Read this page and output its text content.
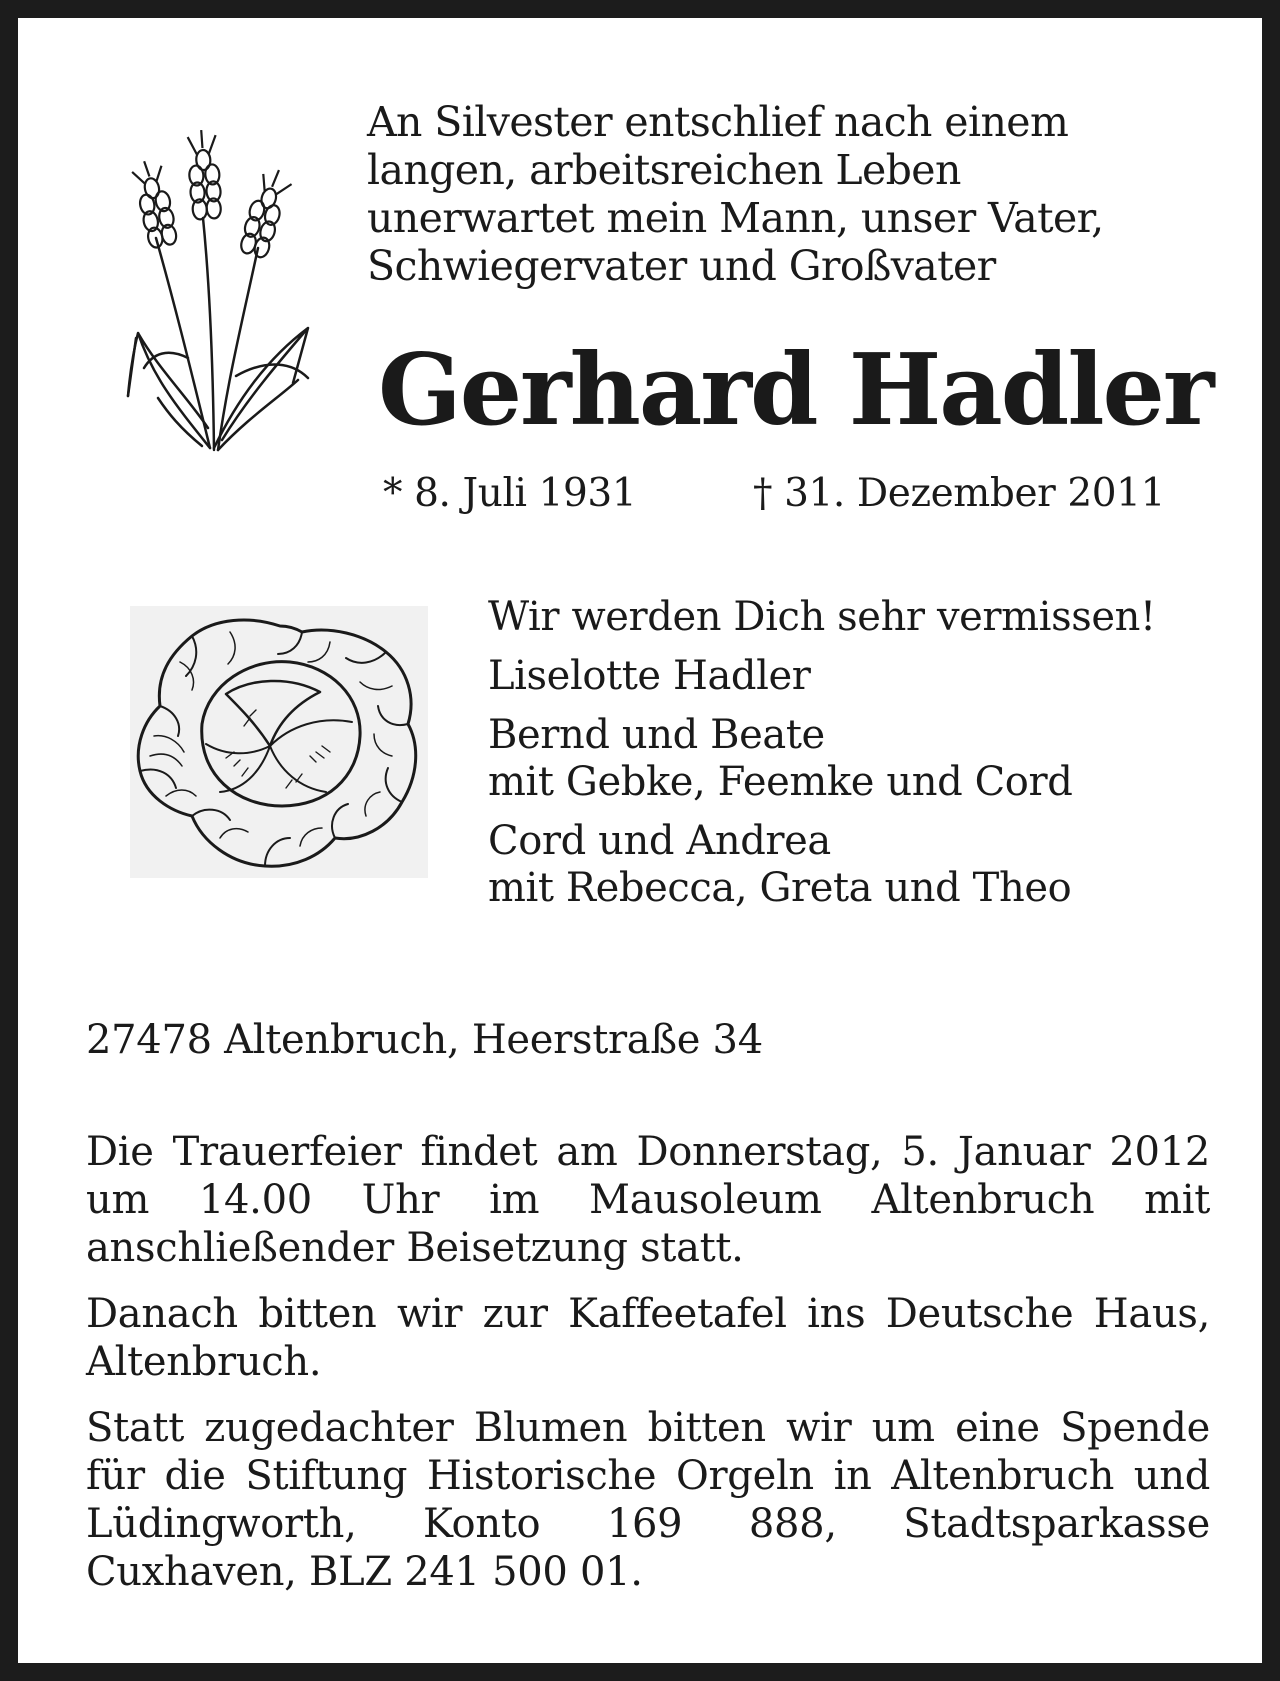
An Silvester entschlief nach einem
langen, arbeitsreichen Leben
unerwartet mein Mann, unser Vater,
Schwiegervater und Großvater
Gerhard Hadler
* 8. Juli 1931	† 31. Dezember 2011
Wir werden Dich sehr vermissen!
Liselotte Hadler
Bernd und Beate
mit Gebke, Feemke und Cord
Cord und Andrea
mit Rebecca, Greta und Theo
27478 Altenbruch, Heerstraße 34

Die Trauerfeier findet am Donnerstag, 5. Januar 2012 um 14.00 Uhr im Mausoleum Altenbruch mit anschließender Beisetzung statt.

Danach bitten wir zur Kaffeetafel ins Deutsche Haus, Altenbruch.

Statt zugedachter Blumen bitten wir um eine Spende für die Stiftung Historische Orgeln in Altenbruch und Lüdingworth, Konto 169 888, Stadtsparkasse Cuxhaven, BLZ 241 500 01.
